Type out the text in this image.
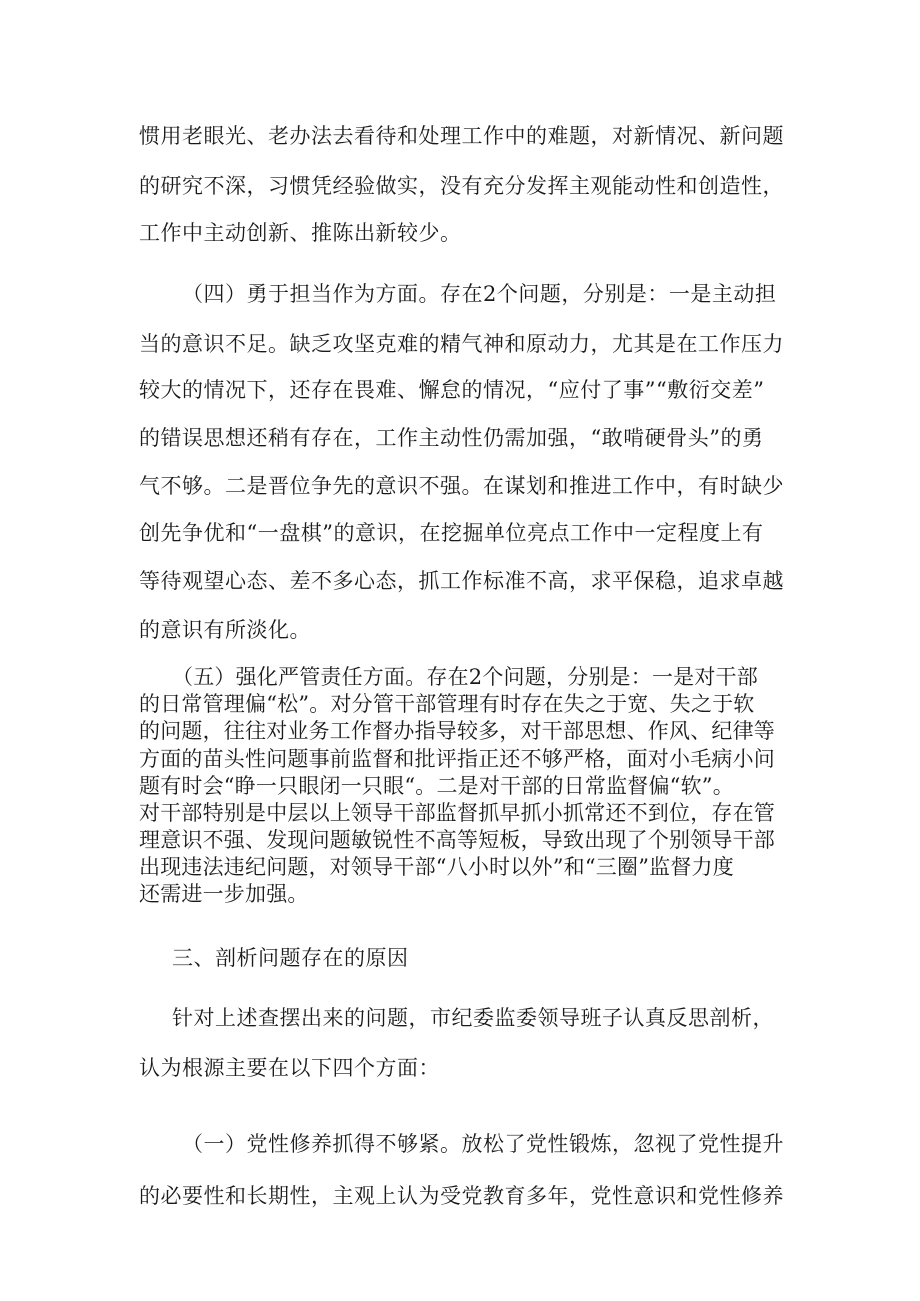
惯用老眼光、老办法去看待和处理工作中的难题，对新情况、新问题
的研究不深，习惯凭经验做实，没有充分发挥主观能动性和创造性，
工作中主动创新、推陈出新较少。
（四）勇于担当作为方面。存在2个问题，分别是：一是主动担
当的意识不足。缺乏攻坚克难的精气神和原动力，尤其是在工作压力
较大的情况下，还存在畏难、懈怠的情况，“应付了事”“敷衍交差”
的错误思想还稍有存在，工作主动性仍需加强，“敢啃硬骨头”的勇
气不够。二是晋位争先的意识不强。在谋划和推进工作中，有时缺少
创先争优和“一盘棋”的意识，在挖掘单位亮点工作中一定程度上有
等待观望心态、差不多心态，抓工作标准不高，求平保稳，追求卓越
的意识有所淡化。
（五）强化严管责任方面。存在2个问题，分别是：一是对干部
的日常管理偏“松”。对分管干部管理有时存在失之于宽、失之于软
的问题，往往对业务工作督办指导较多，对干部思想、作风、纪律等
方面的苗头性问题事前监督和批评指正还不够严格，面对小毛病小问
题有时会“睁一只眼闭一只眼“。二是对干部的日常监督偏“软”。
对干部特别是中层以上领导干部监督抓早抓小抓常还不到位，存在管
理意识不强、发现问题敏锐性不高等短板，导致出现了个别领导干部
出现违法违纪问题，对领导干部“八小时以外”和“三圈”监督力度
还需进一步加强。
三、剖析问题存在的原因
针对上述查摆出来的问题，市纪委监委领导班子认真反思剖析，
认为根源主要在以下四个方面：
（一）党性修养抓得不够紧。放松了党性锻炼，忽视了党性提升
的必要性和长期性，主观上认为受党教育多年，党性意识和党性修养
